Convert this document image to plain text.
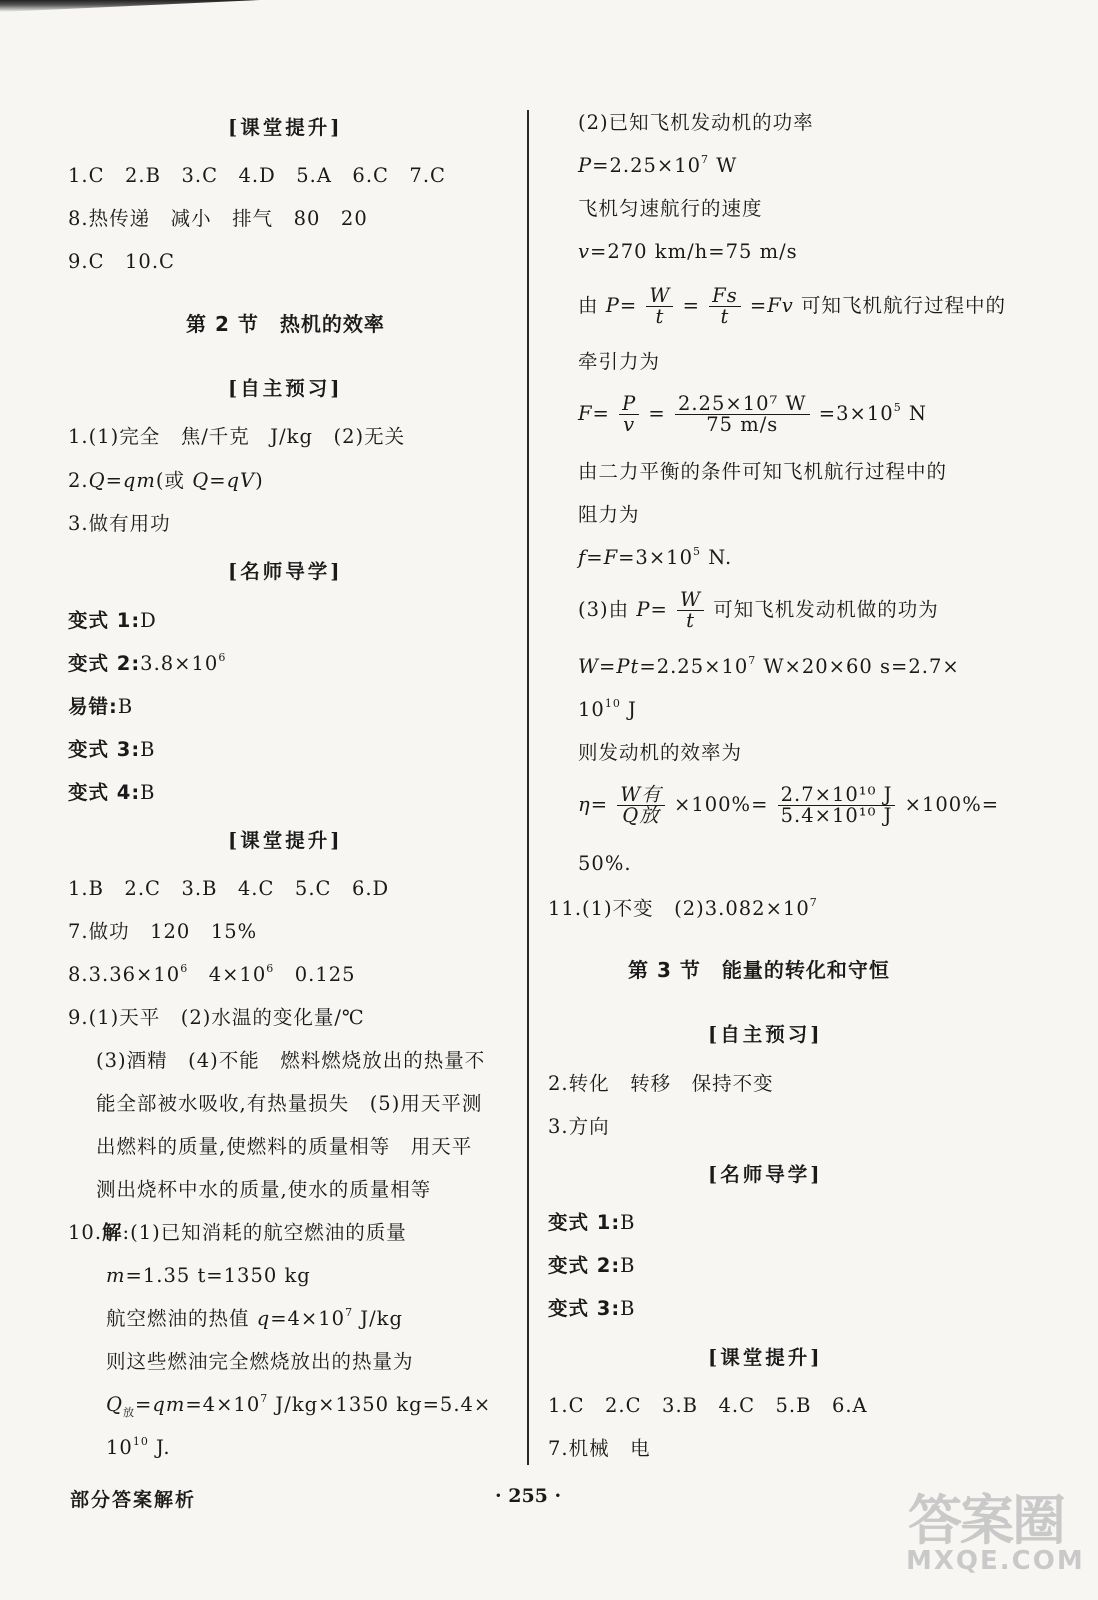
[课堂提升]
1.C　2.B　3.C　4.D　5.A　6.C　7.C
8.热传递　减小　排气　80　20
9.C　10.C
第 2 节　热机的效率
[自主预习]
1.(1)完全　焦/千克　J/kg　(2)无关
2.Q=qm(或 Q=qV)
3.做有用功
[名师导学]
变式 1:D
变式 $2:3.8\times 10^6$
易错:B
变式 3:B
变式 4:B
[课堂提升]
1.B　2.C　3.B　4.C　5.C　6.D
7.做功　120　15%
$8.3.36\times 10^6$　$4\times 10^6$　0.125
9.(1)天平　(2)水温的变化量/℃
(3)酒精　(4)不能　燃料燃烧放出的热量不
能全部被水吸收,有热量损失　(5)用天平测
出燃料的质量,使燃料的质量相等　用天平
测出烧杯中水的质量,使水的质量相等
10.解:(1)已知消耗的航空燃油的质量
m=1.35 t=1350 kg
航空燃油的热值 $q=4\times 10^7$ J/kg
则这些燃油完全燃烧放出的热量为
$Q_放=qm=4\times 10^7$ J/kg×1350 kg=5.4×
$10^{10}$ J.
(2)已知飞机发动机的功率
$P=2.25\times 10^7$ W
飞机匀速航行的速度
v=270 km/h=75 m/s
由 $P= \frac{W}{t} = \frac{Fs}{t} =Fv$ 可知飞机航行过程中的
牵引力为
$F= \frac{P}{v} = \frac{\text{2.25×10⁷ W}}{75 m/s} =3\times 10^5$ N
由二力平衡的条件可知飞机航行过程中的
阻力为
$f=F=3\times 10^5$ N.
(3)由 $P= \frac{W}{t}$ 可知飞机发动机做的功为
$W=Pt=2.25\times 10^7$ W×20×60 s=2.7×
$10^{10}$ J
则发动机的效率为
$\eta= \frac{\text{W有}}{\text{Q放}} \times 100\%= \frac{\text{2.7×10¹⁰ J}}{\text{5.4×10¹⁰ J}} \times 100\%=$
50%.
11.(1)不变　$(2)3.082\times 10^7$
第 3 节　能量的转化和守恒
[自主预习]
2.转化　转移　保持不变
3.方向
[名师导学]
变式 1:B
变式 2:B
变式 3:B
[课堂提升]
1.C　2.C　3.B　4.C　5.B　6.A
7.机械　电
部分答案解析	· 255 ·	答案圈
MXQE.COM
